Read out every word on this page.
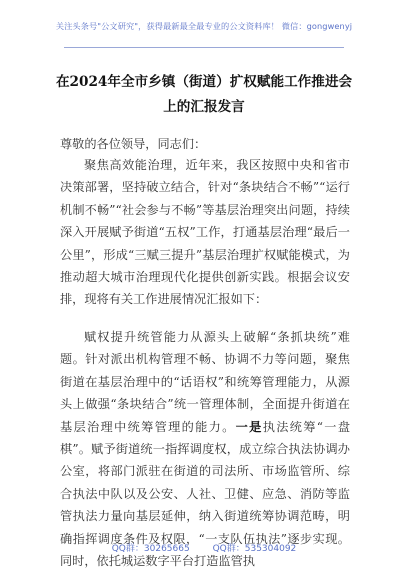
关注头条号"公文研究"，获得最新最全最专业的公文资料库！ 微信：gongwenyj
在2024年全市乡镇（街道）扩权赋能工作推进会上的汇报发言
尊敬的各位领导，同志们：
聚焦高效能治理，近年来，我区按照中央和省市决策部署，坚持破立结合，针对“条块结合不畅”“运行机制不畅”“社会参与不畅”等基层治理突出问题，持续深入开展赋予街道“五权”工作，打通基层治理“最后一公里”，形成“三赋三提升”基层治理扩权赋能模式，为推动超大城市治理现代化提供创新实践。根据会议安排，现将有关工作进展情况汇报如下：
赋权提升统管能力从源头上破解“条抓块统”难题。针对派出机构管理不畅、协调不力等问题，聚焦街道在基层治理中的“话语权”和统筹管理能力，从源头上做强“条块结合”统一管理体制，全面提升街道在基层治理中统筹管理的能力。一是执法统筹“一盘棋”。赋予街道统一指挥调度权，成立综合执法协调办公室，将部门派驻在街道的司法所、市场监管所、综合执法中队以及公安、人社、卫健、应急、消防等监管执法力量向基层延伸，纳入街道统筹协调范畴，明确指挥调度条件及权限，“一支队伍执法”逐步实现。同时，依托城运数字平台打造监管执
QQ群：30265665	QQ群：535304092
